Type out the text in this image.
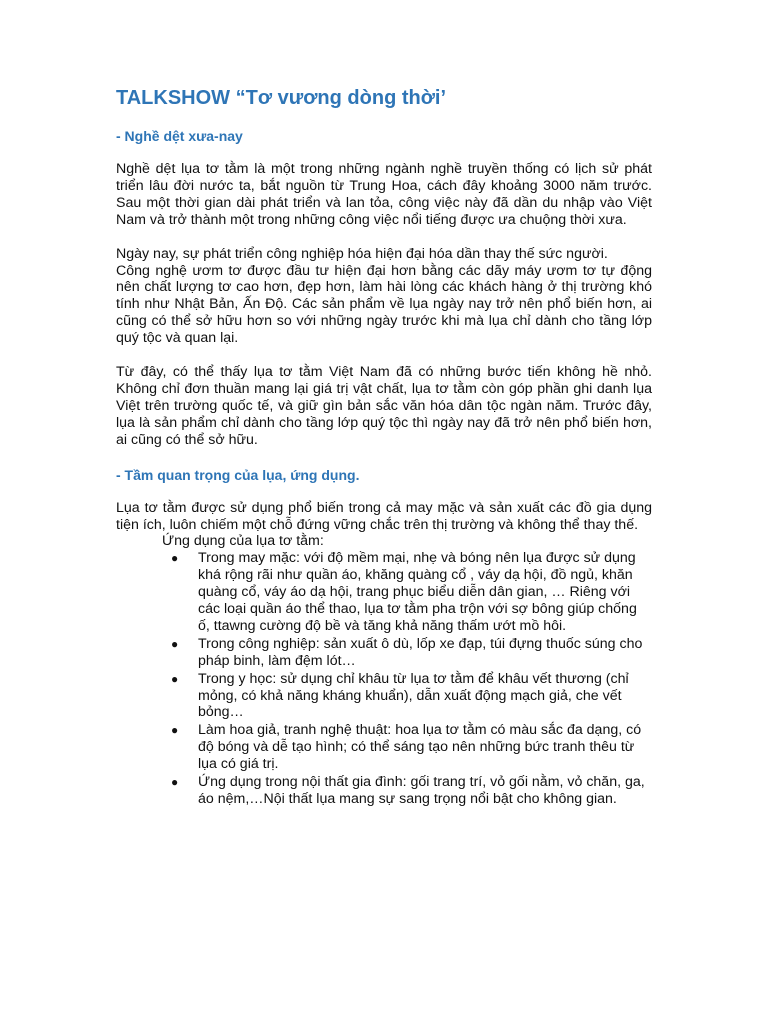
TALKSHOW “Tơ vương dòng thời’
- Nghề dệt xưa-nay

Nghề dệt lụa tơ tằm là một trong những ngành nghề truyền thống có lịch sử phát triển lâu đời nước ta, bắt nguồn từ Trung Hoa, cách đây khoảng 3000 năm trước. Sau một thời gian dài phát triển và lan tỏa, công việc này đã dần du nhập vào Việt Nam và trở thành một trong những công việc nổi tiếng được ưa chuộng thời xưa.

Ngày nay, sự phát triển công nghiệp hóa hiện đại hóa dần thay thế sức người.

Công nghệ ươm tơ được đầu tư hiện đại hơn bằng các dãy máy ươm tơ tự động nên chất lượng tơ cao hơn, đẹp hơn, làm hài lòng các khách hàng ở thị trường khó tính như Nhật Bản, Ấn Độ. Các sản phẩm về lụa ngày nay trở nên phổ biến hơn, ai cũng có thể sở hữu hơn so với những ngày trước khi mà lụa chỉ dành cho tầng lớp quý tộc và quan lại.

Từ đây, có thể thấy lụa tơ tằm Việt Nam đã có những bước tiến không hề nhỏ. Không chỉ đơn thuần mang lại giá trị vật chất, lụa tơ tằm còn góp phần ghi danh lụa Việt trên trường quốc tế, và giữ gìn bản sắc văn hóa dân tộc ngàn năm. Trước đây, lụa là sản phẩm chỉ dành cho tầng lớp quý tộc thì ngày nay đã trở nên phổ biến hơn, ai cũng có thể sở hữu.

- Tầm quan trọng của lụa, ứng dụng.

Lụa tơ tằm được sử dụng phổ biến trong cả may mặc và sản xuất các đồ gia dụng tiện ích, luôn chiếm một chỗ đứng vững chắc trên thị trường và không thể thay thế.

Ứng dụng của lụa tơ tằm:
● Trong may mặc: với độ mềm mại, nhẹ và bóng nên lụa được sử dụng khá rộng rãi như quần áo, khăng quàng cổ , váy dạ hội, đồ ngủ, khăn quàng cổ, váy áo dạ hội, trang phục biểu diễn dân gian, … Riêng với các loại quần áo thể thao, lụa tơ tằm pha trộn với sợ bông giúp chống ố, ttawng cường độ bề và tăng khả năng thấm ướt mồ hôi.
● Trong công nghiệp: sản xuất ô dù, lốp xe đạp, túi đựng thuốc súng cho pháp binh, làm đệm lót…
● Trong y học: sử dụng chỉ khâu từ lụa tơ tằm để khâu vết thương (chỉ mỏng, có khả năng kháng khuẩn), dẫn xuất động mạch giả, che vết bỏng…
● Làm hoa giả, tranh nghệ thuật: hoa lụa tơ tằm có màu sắc đa dạng, có độ bóng và dễ tạo hình; có thể sáng tạo nên những bức tranh thêu từ lụa có giá trị.
● Ứng dụng trong nội thất gia đình: gối trang trí, vỏ gối nằm, vỏ chăn, ga, áo nệm,…Nội thất lụa mang sự sang trọng nổi bật cho không gian.
